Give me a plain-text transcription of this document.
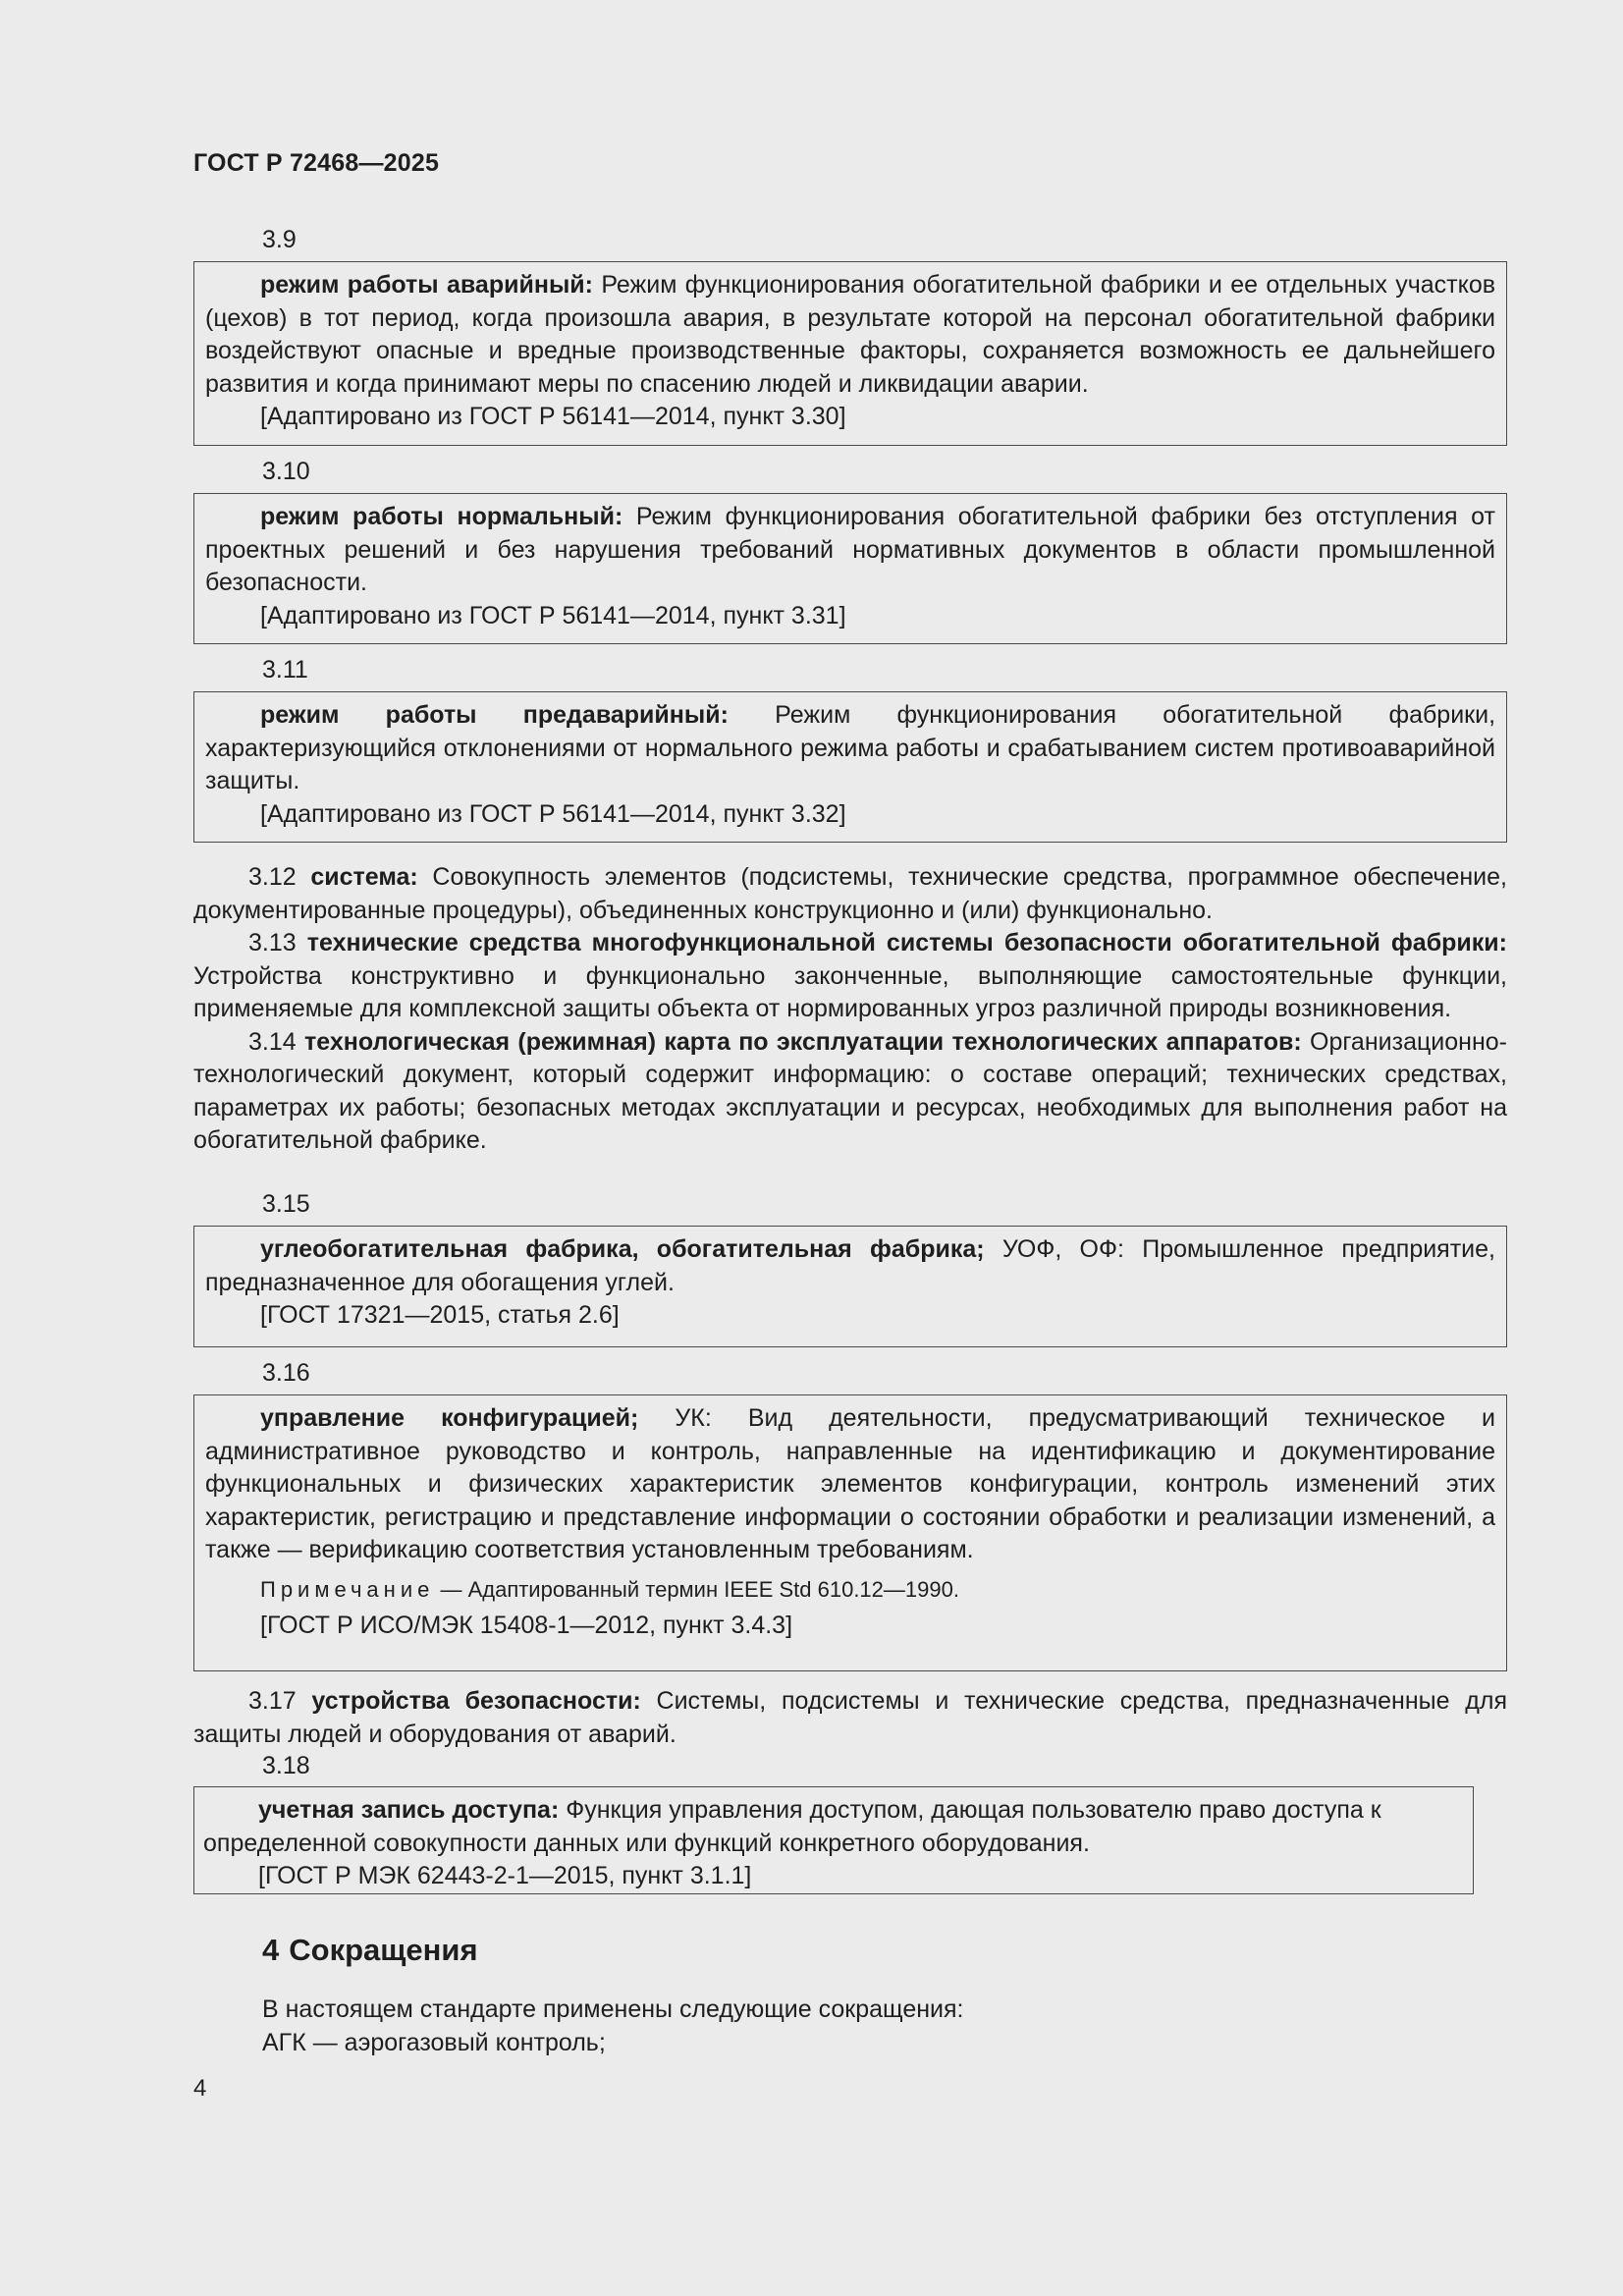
ГОСТ Р 72468—2025
3.9

режим работы аварийный: Режим функционирования обогатительной фабрики и ее отдельных участков (цехов) в тот период, когда произошла авария, в результате которой на персонал обогатительной фабрики воздействуют опасные и вредные производственные факторы, сохраняется возможность ее дальнейшего развития и когда принимают меры по спасению людей и ликвидации аварии.

[Адаптировано из ГОСТ Р 56141—2014, пункт 3.30]
3.10

режим работы нормальный: Режим функционирования обогатительной фабрики без отступления от проектных решений и без нарушения требований нормативных документов в области промышленной безопасности.

[Адаптировано из ГОСТ Р 56141—2014, пункт 3.31]
3.11

режим работы предаварийный: Режим функционирования обогатительной фабрики, характеризующийся отклонениями от нормального режима работы и срабатыванием систем противоаварийной защиты.

[Адаптировано из ГОСТ Р 56141—2014, пункт 3.32]

3.12 система: Совокупность элементов (подсистемы, технические средства, программное обеспечение, документированные процедуры), объединенных конструкционно и (или) функционально.

3.13 технические средства многофункциональной системы безопасности обогатительной фабрики: Устройства конструктивно и функционально законченные, выполняющие самостоятельные функции, применяемые для комплексной защиты объекта от нормированных угроз различной природы возникновения.

3.14 технологическая (режимная) карта по эксплуатации технологических аппаратов: Организационно-технологический документ, который содержит информацию: о составе операций; технических средствах, параметрах их работы; безопасных методах эксплуатации и ресурсах, необходимых для выполнения работ на обогатительной фабрике.

3.15

углеобогатительная фабрика, обогатительная фабрика; УОФ, ОФ: Промышленное предприятие, предназначенное для обогащения углей.

[ГОСТ 17321—2015, статья 2.6]
3.16

управление конфигурацией; УК: Вид деятельности, предусматривающий техническое и административное руководство и контроль, направленные на идентификацию и документирование функциональных и физических характеристик элементов конфигурации, контроль изменений этих характеристик, регистрацию и представление информации о состоянии обработки и реализации изменений, а также — верификацию соответствия установленным требованиям.

Примечание — Адаптированный термин IEEE Std 610.12—1990.
[ГОСТ Р ИСО/МЭК 15408-1—2012, пункт 3.4.3]

3.17 устройства безопасности: Системы, подсистемы и технические средства, предназначенные для защиты людей и оборудования от аварий.

3.18

учетная запись доступа: Функция управления доступом, дающая пользователю право доступа к определенной совокупности данных или функций конкретного оборудования.

[ГОСТ Р МЭК 62443-2-1—2015, пункт 3.1.1]
4 Сокращения
В настоящем стандарте применены следующие сокращения:
АГК — аэрогазовый контроль;
4
